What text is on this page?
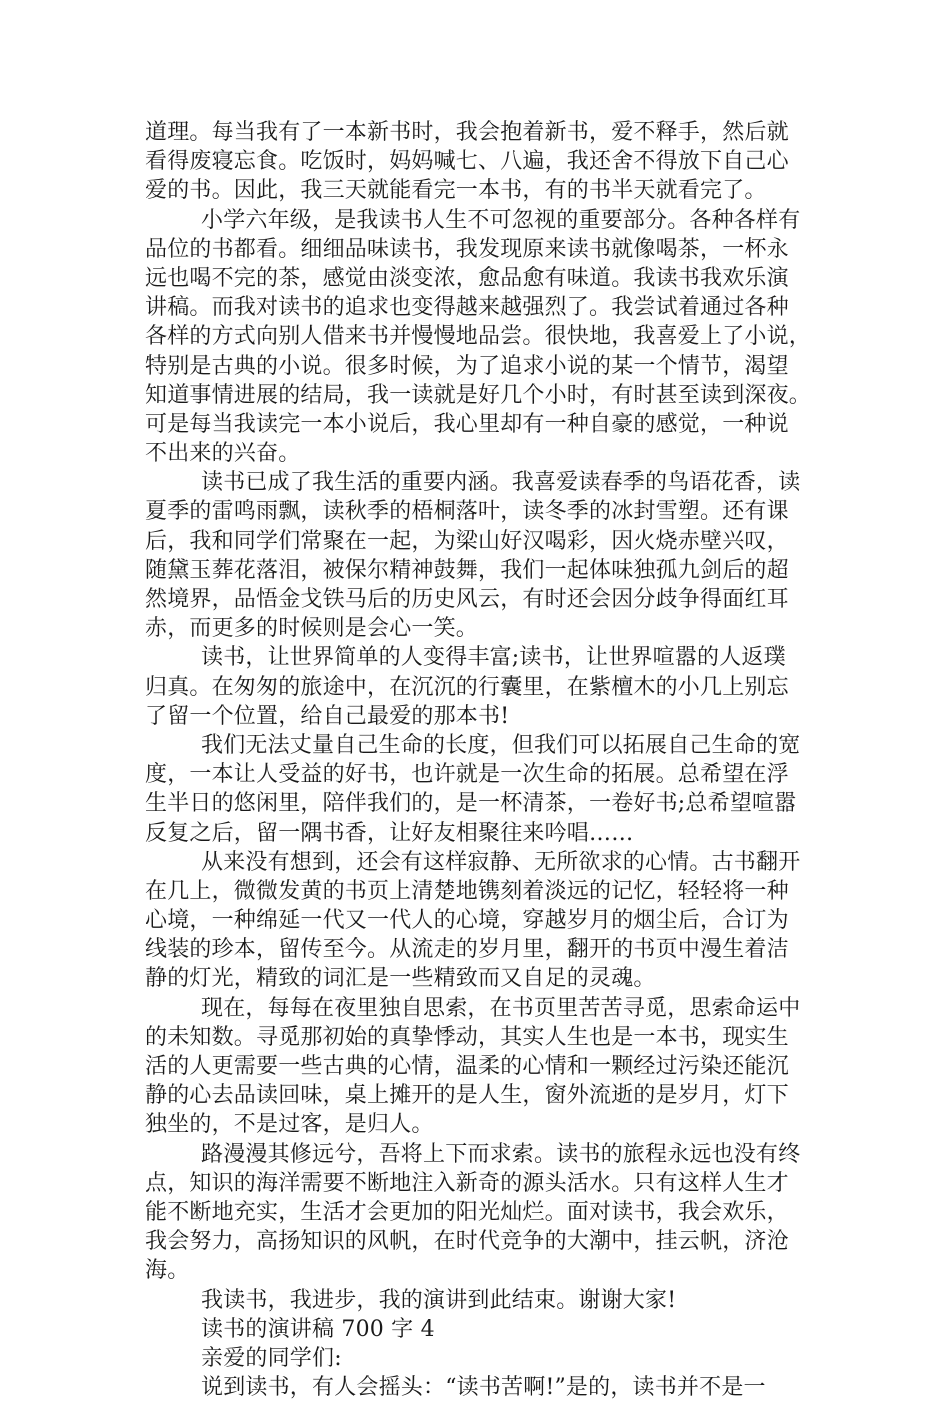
道理。每当我有了一本新书时，我会抱着新书，爱不释手，然后就
看得废寝忘食。吃饭时，妈妈喊七、八遍，我还舍不得放下自己心
爱的书。因此，我三天就能看完一本书，有的书半天就看完了。
小学六年级，是我读书人生不可忽视的重要部分。各种各样有
品位的书都看。细细品味读书，我发现原来读书就像喝茶，一杯永
远也喝不完的茶，感觉由淡变浓，愈品愈有味道。我读书我欢乐演
讲稿。而我对读书的追求也变得越来越强烈了。我尝试着通过各种
各样的方式向别人借来书并慢慢地品尝。很快地，我喜爱上了小说，
特别是古典的小说。很多时候，为了追求小说的某一个情节，渴望
知道事情进展的结局，我一读就是好几个小时，有时甚至读到深夜。
可是每当我读完一本小说后，我心里却有一种自豪的感觉，一种说
不出来的兴奋。
读书已成了我生活的重要内涵。我喜爱读春季的鸟语花香，读
夏季的雷鸣雨飘，读秋季的梧桐落叶，读冬季的冰封雪塑。还有课
后，我和同学们常聚在一起，为梁山好汉喝彩，因火烧赤壁兴叹，
随黛玉葬花落泪，被保尔精神鼓舞，我们一起体味独孤九剑后的超
然境界，品悟金戈铁马后的历史风云，有时还会因分歧争得面红耳
赤，而更多的时候则是会心一笑。
读书，让世界简单的人变得丰富;读书，让世界喧嚣的人返璞
归真。在匆匆的旅途中，在沉沉的行囊里，在紫檀木的小几上别忘
了留一个位置，给自己最爱的那本书!
我们无法丈量自己生命的长度，但我们可以拓展自己生命的宽
度，一本让人受益的好书，也许就是一次生命的拓展。总希望在浮
生半日的悠闲里，陪伴我们的，是一杯清茶，一卷好书;总希望喧嚣
反复之后，留一隅书香，让好友相聚往来吟唱……
从来没有想到，还会有这样寂静、无所欲求的心情。古书翻开
在几上，微微发黄的书页上清楚地镌刻着淡远的记忆，轻轻将一种
心境，一种绵延一代又一代人的心境，穿越岁月的烟尘后，合订为
线装的珍本，留传至今。从流走的岁月里，翻开的书页中漫生着洁
静的灯光，精致的词汇是一些精致而又自足的灵魂。
现在，每每在夜里独自思索，在书页里苦苦寻觅，思索命运中
的未知数。寻觅那初始的真挚悸动，其实人生也是一本书，现实生
活的人更需要一些古典的心情，温柔的心情和一颗经过污染还能沉
静的心去品读回味，桌上摊开的是人生，窗外流逝的是岁月，灯下
独坐的，不是过客，是归人。
路漫漫其修远兮，吾将上下而求索。读书的旅程永远也没有终
点，知识的海洋需要不断地注入新奇的源头活水。只有这样人生才
能不断地充实，生活才会更加的阳光灿烂。面对读书，我会欢乐，
我会努力，高扬知识的风帆，在时代竞争的大潮中，挂云帆，济沧
海。
我读书，我进步，我的演讲到此结束。谢谢大家!
读书的演讲稿 700 字 4
亲爱的同学们:
说到读书，有人会摇头：“读书苦啊!”是的，读书并不是一
